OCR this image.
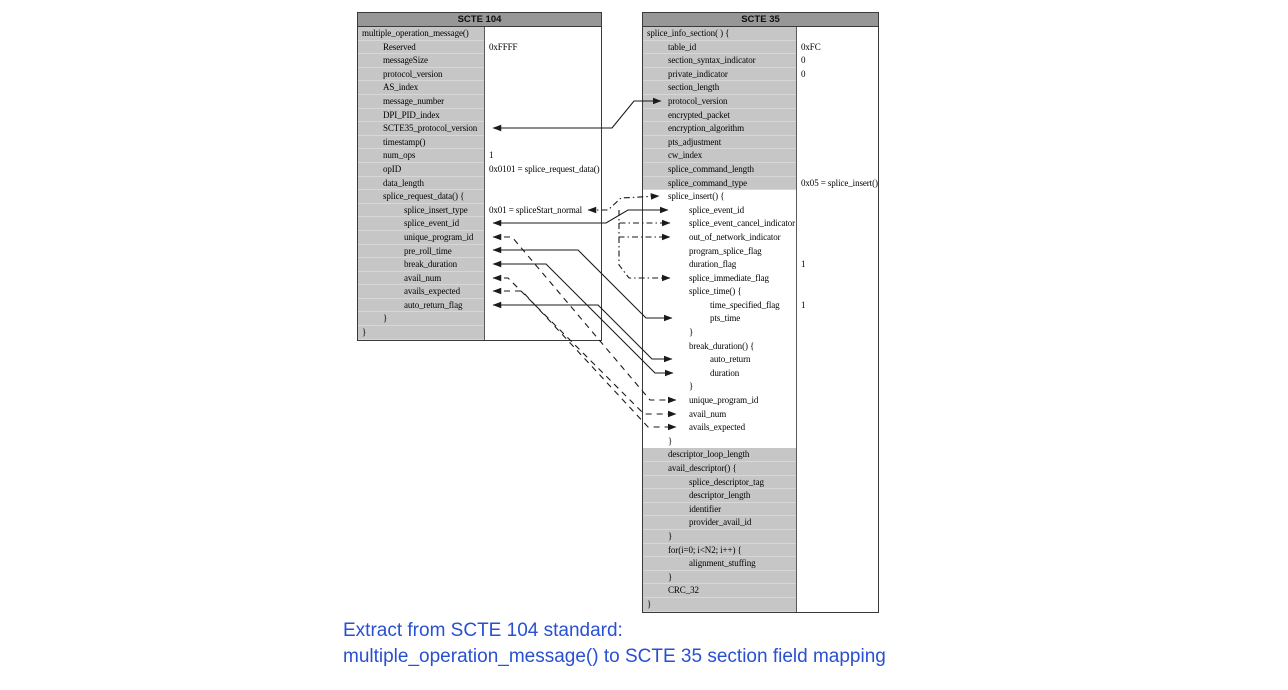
SCTE 104
multiple_operation_message()
Reserved	0xFFFF
messageSize
protocol_version
AS_index
message_number
DPI_PID_index
SCTE35_protocol_version
timestamp()
num_ops	1
opID	0x0101 = splice_request_data()
data_length
splice_request_data() {
splice_insert_type	0x01 = spliceStart_normal
splice_event_id
unique_program_id
pre_roll_time
break_duration
avail_num
avails_expected
auto_return_flag
}
}
SCTE 35
splice_info_section( ) {
table_id	0xFC
section_syntax_indicator	0
private_indicator	0
section_length
protocol_version
encrypted_packet
encryption_algorithm
pts_adjustment
cw_index
splice_command_length
splice_command_type	0x05 = splice_insert()
splice_insert() {
splice_event_id
splice_event_cancel_indicator
out_of_network_indicator
program_splice_flag
duration_flag	1
splice_immediate_flag
splice_time() {
time_specified_flag	1
pts_time
}
break_duration() {
auto_return
duration
}
unique_program_id
avail_num
avails_expected
}
descriptor_loop_length
avail_descriptor() {
splice_descriptor_tag
descriptor_length
identifier
provider_avail_id
}
for(i=0; i<N2; i++) {
alignment_stuffing
}
CRC_32
}
Extract from SCTE 104 standard:
multiple_operation_message() to SCTE 35 section field mapping
